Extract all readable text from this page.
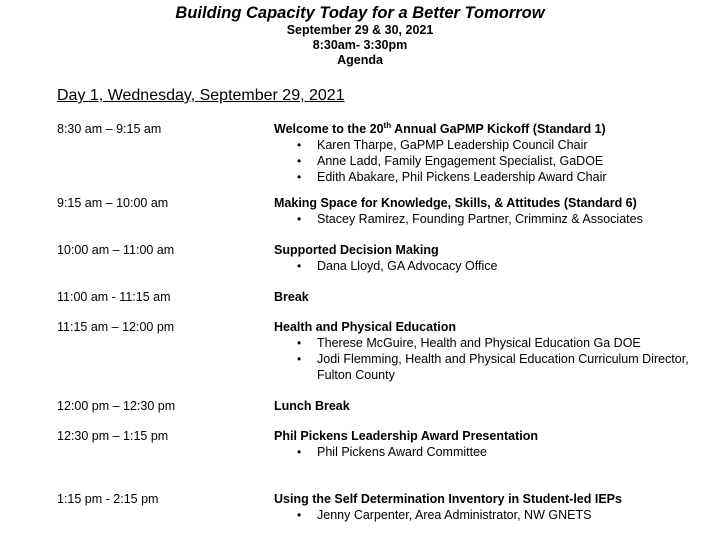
Building Capacity Today for a Better Tomorrow
September 29 & 30, 2021
8:30am- 3:30pm
Agenda
Day 1, Wednesday, September 29, 2021
8:30 am – 9:15 am	Welcome to the 20th Annual GaPMP Kickoff (Standard 1)
• Karen Tharpe, GaPMP Leadership Council Chair
• Anne Ladd, Family Engagement Specialist, GaDOE
• Edith Abakare, Phil Pickens Leadership Award Chair
9:15 am – 10:00 am	Making Space for Knowledge, Skills, & Attitudes (Standard 6)
• Stacey Ramirez, Founding Partner, Crimminz & Associates
10:00 am – 11:00 am	Supported Decision Making
• Dana Lloyd, GA Advocacy Office
11:00 am - 11:15 am	Break
11:15 am – 12:00 pm	Health and Physical Education
• Therese McGuire, Health and Physical Education Ga DOE
• Jodi Flemming, Health and Physical Education Curriculum Director, Fulton County
12:00 pm – 12:30 pm	Lunch Break
12:30 pm – 1:15 pm	Phil Pickens Leadership Award Presentation
• Phil Pickens Award Committee
1:15 pm - 2:15 pm	Using the Self Determination Inventory in Student-led IEPs
• Jenny Carpenter, Area Administrator, NW GNETS
